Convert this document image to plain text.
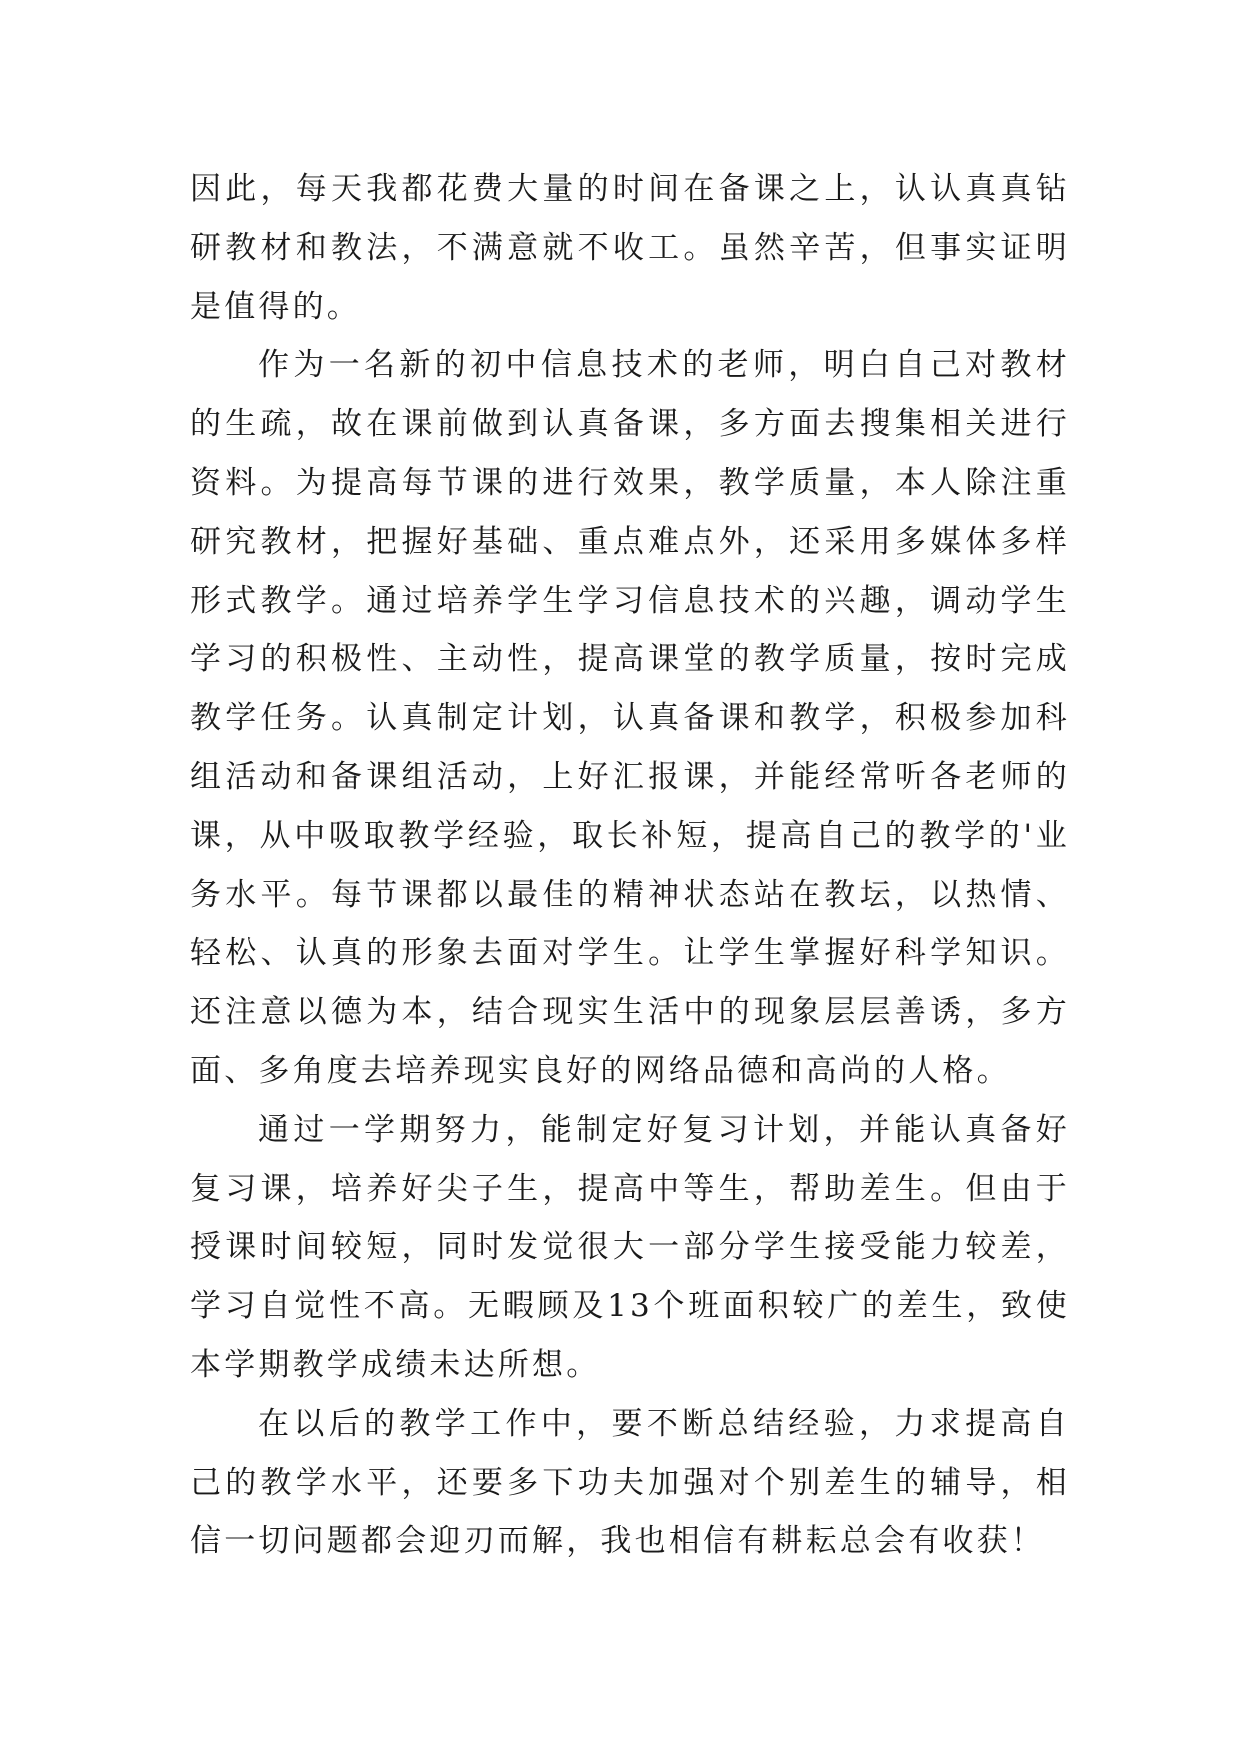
因此，每天我都花费大量的时间在备课之上，认认真真钻研教材和教法，不满意就不收工。虽然辛苦，但事实证明是值得的。

作为一名新的初中信息技术的老师，明白自己对教材的生疏，故在课前做到认真备课，多方面去搜集相关进行资料。为提高每节课的进行效果，教学质量，本人除注重研究教材，把握好基础、重点难点外，还采用多媒体多样形式教学。通过培养学生学习信息技术的兴趣，调动学生学习的积极性、主动性，提高课堂的教学质量，按时完成教学任务。认真制定计划，认真备课和教学，积极参加科组活动和备课组活动，上好汇报课，并能经常听各老师的课，从中吸取教学经验，取长补短，提高自己的教学的'业务水平。每节课都以最佳的精神状态站在教坛，以热情、轻松、认真的形象去面对学生。让学生掌握好科学知识。还注意以德为本，结合现实生活中的现象层层善诱，多方面、多角度去培养现实良好的网络品德和高尚的人格。

通过一学期努力，能制定好复习计划，并能认真备好复习课，培养好尖子生，提高中等生，帮助差生。但由于授课时间较短，同时发觉很大一部分学生接受能力较差，学习自觉性不高。无暇顾及13个班面积较广的差生，致使本学期教学成绩未达所想。

在以后的教学工作中，要不断总结经验，力求提高自己的教学水平，还要多下功夫加强对个别差生的辅导，相信一切问题都会迎刃而解，我也相信有耕耘总会有收获！
